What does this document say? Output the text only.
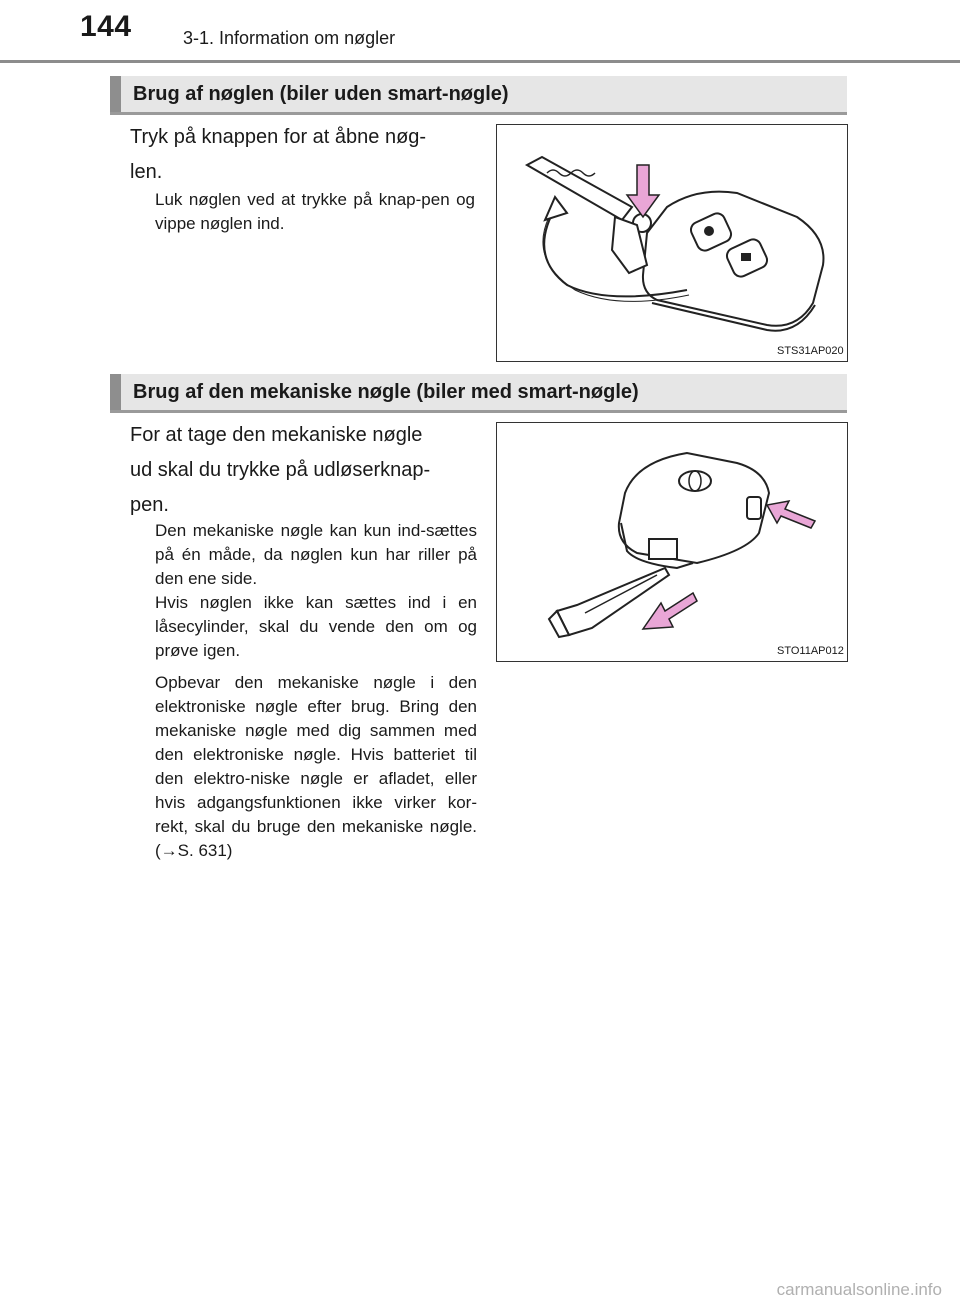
144	3-1. Information om nøgler
Brug af nøglen (biler uden smart-nøgle)
Tryk på knappen for at åbne nøg-
len.

Luk nøglen ved at trykke på knap-pen og vippe nøglen ind.

STS31AP020
Brug af den mekaniske nøgle (biler med smart-nøgle)
For at tage den mekaniske nøgle
ud skal du trykke på udløserknap-
pen.

Den mekaniske nøgle kan kun ind-sættes på én måde, da nøglen kun har riller på den ene side.

Hvis nøglen ikke kan sættes ind i en låsecylinder, skal du vende den om og prøve igen.

Opbevar den mekaniske nøgle i den elektroniske nøgle efter brug. Bring den mekaniske nøgle med dig sammen med den elektroniske nøgle. Hvis batteriet til den elektro-niske nøgle er afladet, eller hvis adgangsfunktionen ikke virker kor-rekt, skal du bruge den mekaniske nøgle. (→S. 631)

STO11AP012
carmanualsonline.info
